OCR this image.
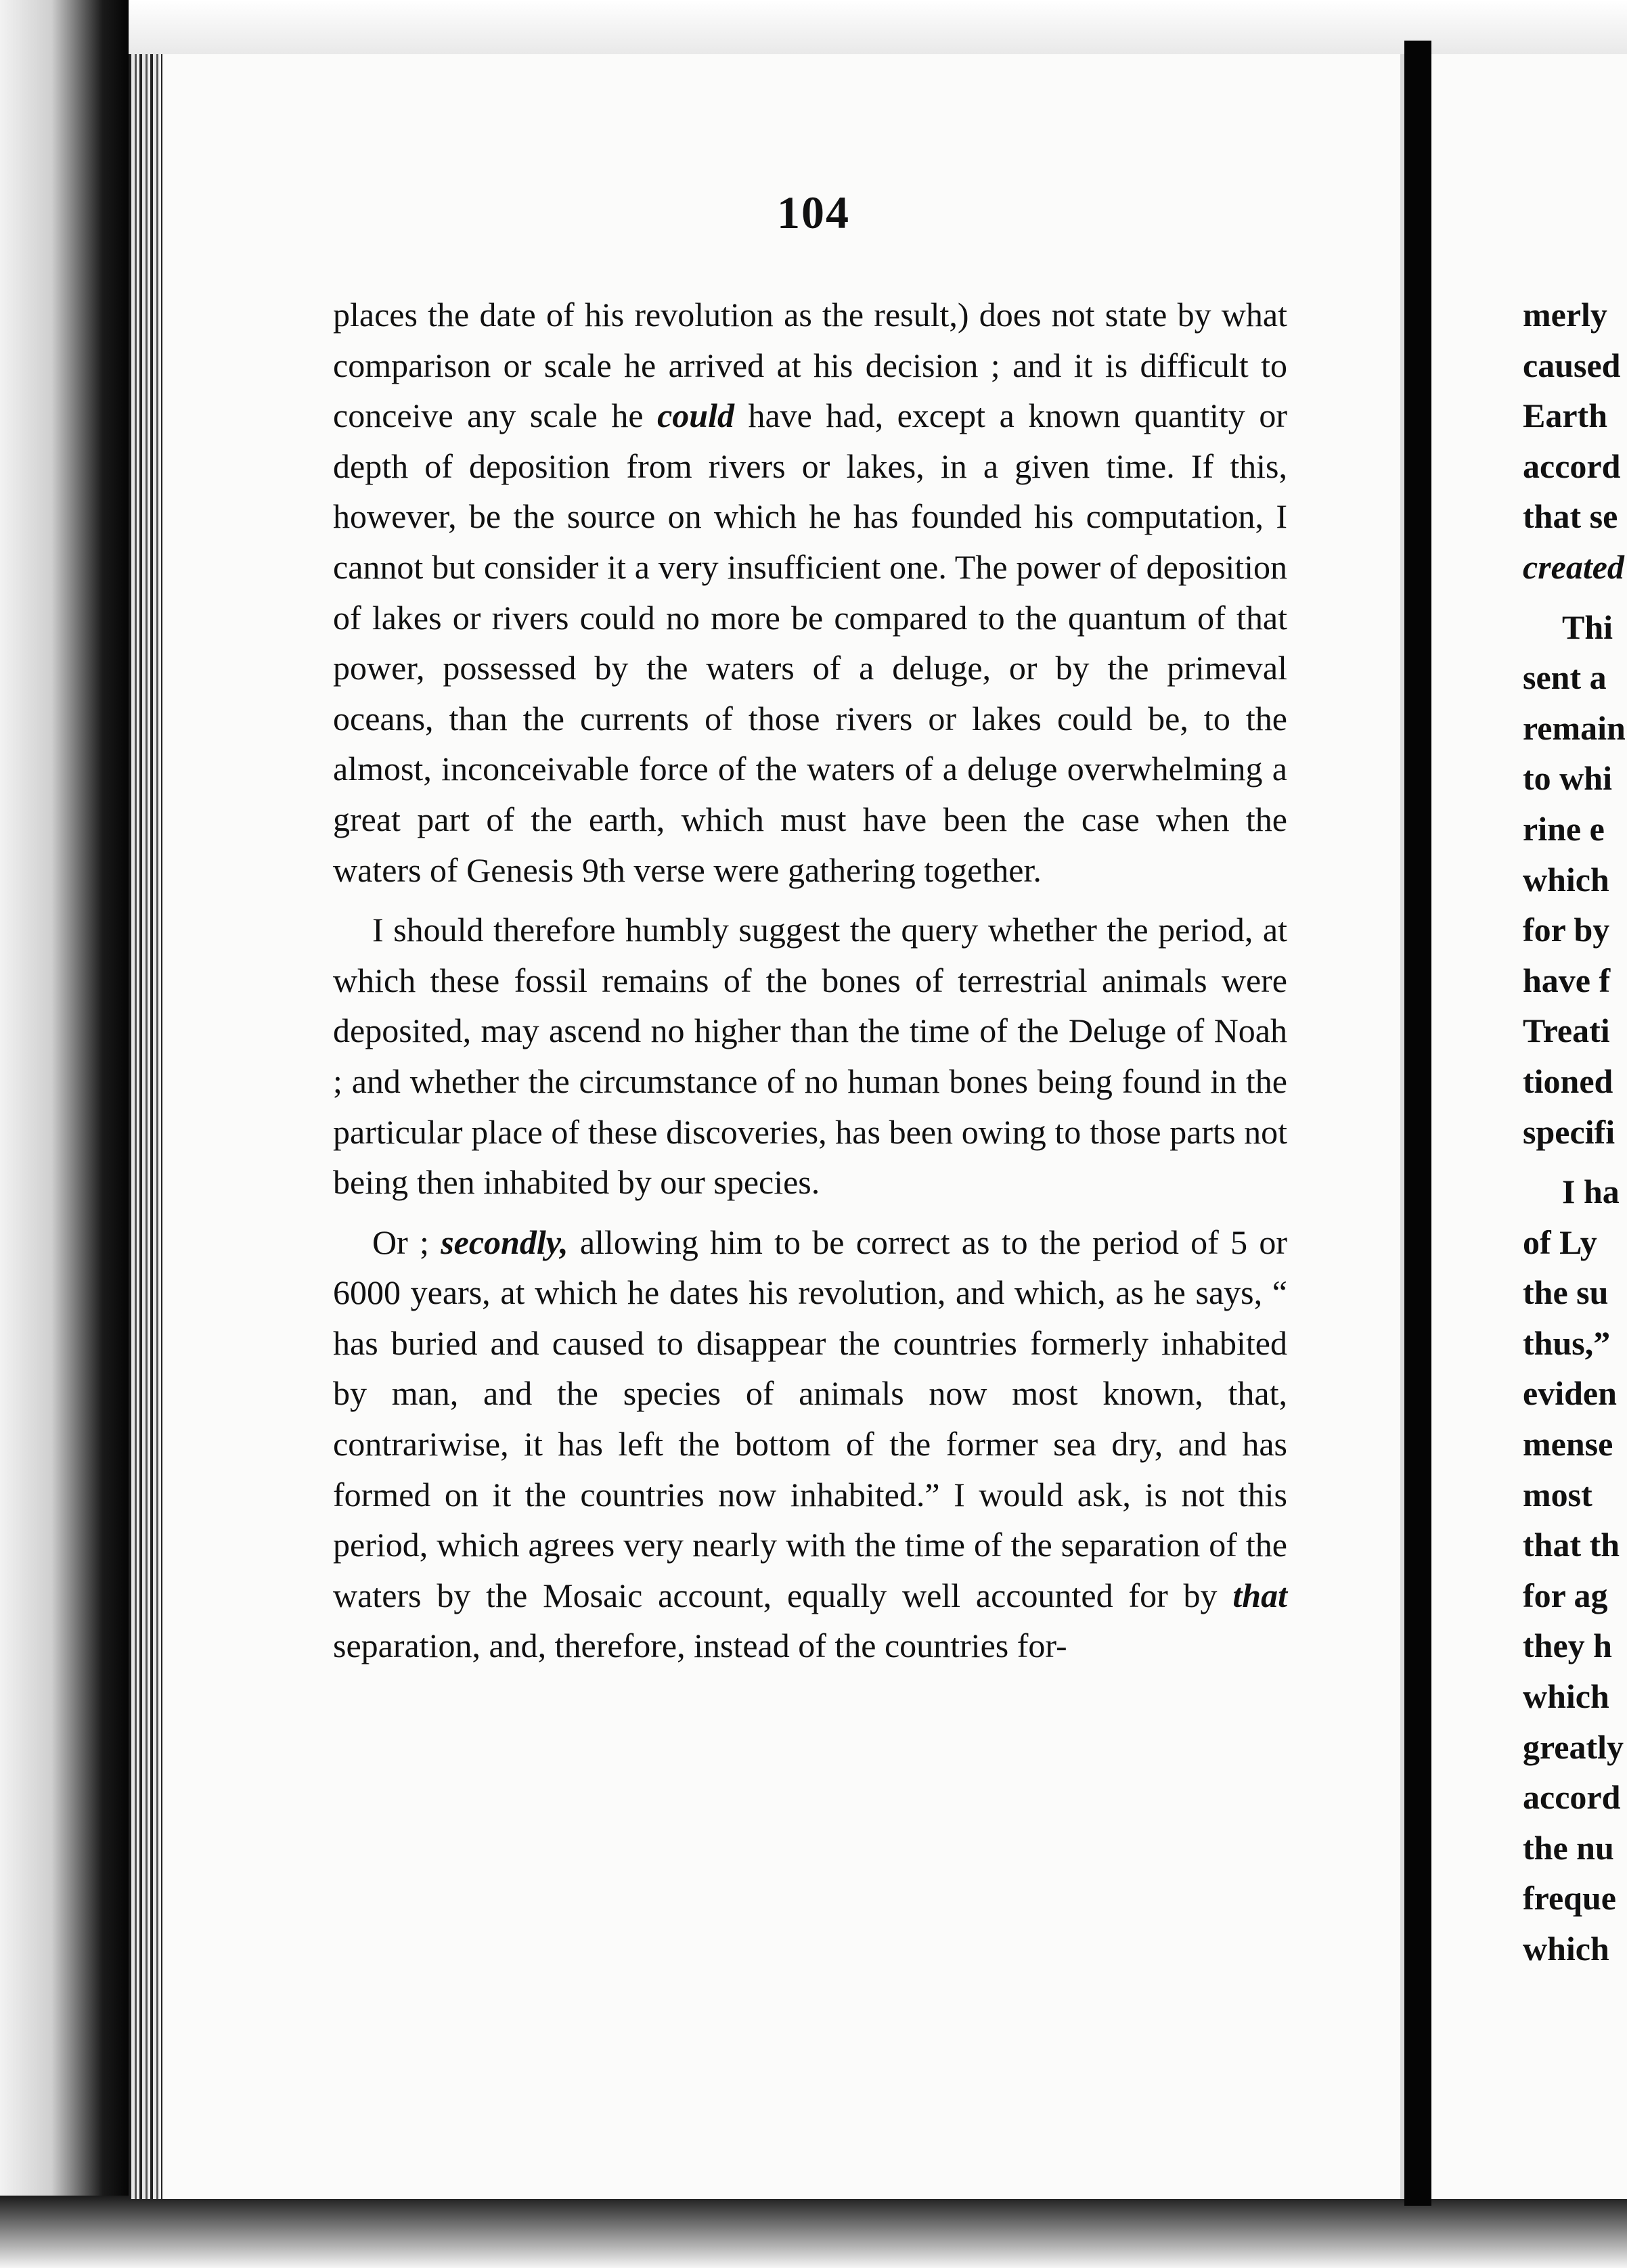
104

places the date of his revolution as the result,) does not state by what comparison or scale he arrived at his decision ; and it is difficult to conceive any scale he could have had, except a known quantity or depth of deposition from rivers or lakes, in a given time. If this, however, be the source on which he has founded his computation, I cannot but consider it a very insufficient one. The power of deposition of lakes or rivers could no more be compared to the quantum of that power, possessed by the waters of a deluge, or by the primeval oceans, than the currents of those rivers or lakes could be, to the almost, inconceivable force of the waters of a deluge overwhelming a great part of the earth, which must have been the case when the waters of Genesis 9th verse were gathering together.

I should therefore humbly suggest the query whether the period, at which these fossil remains of the bones of terrestrial animals were deposited, may ascend no higher than the time of the Deluge of Noah ; and whether the circumstance of no human bones being found in the particular place of these discoveries, has been owing to those parts not being then inhabited by our species.

Or ; secondly, allowing him to be correct as to the period of 5 or 6000 years, at which he dates his revolution, and which, as he says, “ has buried and caused to disappear the countries formerly inhabited by man, and the species of animals now most known, that, contrariwise, it has left the bottom of the former sea dry, and has formed on it the countries now inhabited.” I would ask, is not this period, which agrees very nearly with the time of the separation of the waters by the Mosaic account, equally well accounted for by that separation, and, therefore, instead of the countries for-

merly
caused
Earth
accord
that se
created
Thi
sent a
remain
to whi
rine e
which
for by
have f
Treati
tioned
specifi
I ha
of Ly
the su
thus,”
eviden
mense
most
that th
for ag
they h
which
greatly
accord
the nu
freque
which
